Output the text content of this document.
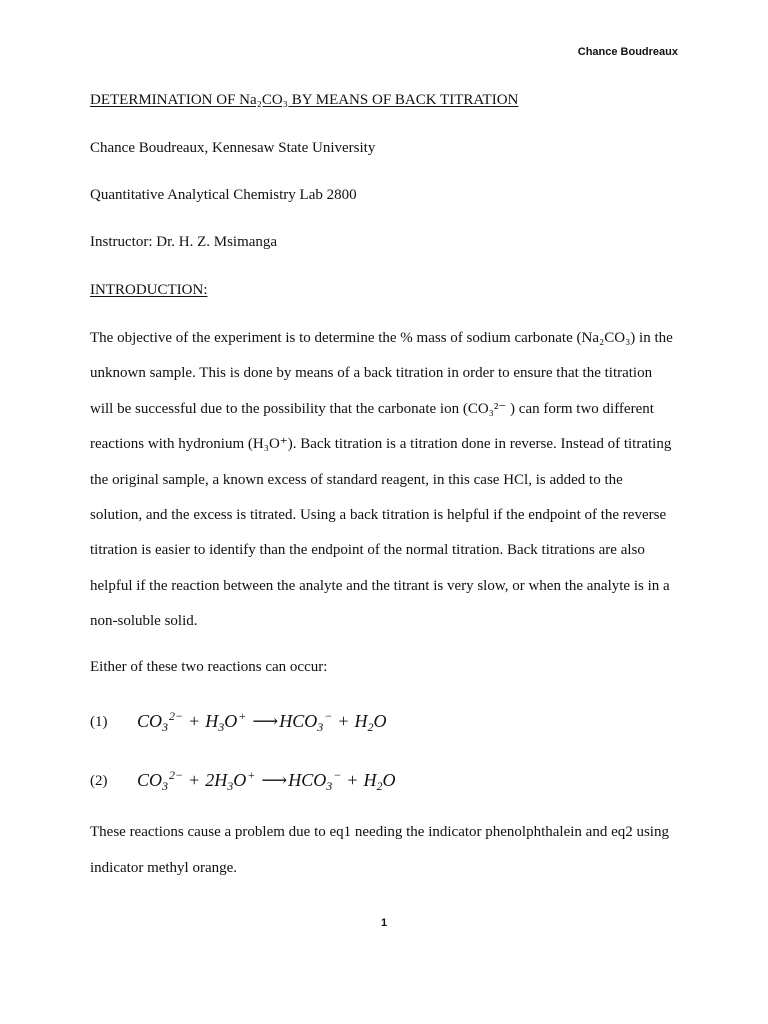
Chance Boudreaux
DETERMINATION OF Na₂CO₃ BY MEANS OF BACK TITRATION
Chance Boudreaux, Kennesaw State University
Quantitative Analytical Chemistry Lab 2800
Instructor: Dr. H. Z. Msimanga
INTRODUCTION:
The objective of the experiment is to determine the % mass of sodium carbonate (Na₂CO₃) in the
unknown sample. This is done by means of a back titration in order to ensure that the titration
will be successful due to the possibility that the carbonate ion (CO₃²⁻ ) can form two different
reactions with hydronium (H₃O⁺). Back titration is a titration done in reverse. Instead of titrating
the original sample, a known excess of standard reagent, in this case HCl, is added to the
solution, and the excess is titrated. Using a back titration is helpful if the endpoint of the reverse
titration is easier to identify than the endpoint of the normal titration. Back titrations are also
helpful if the reaction between the analyte and the titrant is very slow, or when the analyte is in a
non-soluble solid.
Either of these two reactions can occur:
(1) $CO_3^{2-} + H_3O^+$ $⟶HCO_3^- + H_2O$
(2) $CO_3^{2-} + 2H_3O^+$ $⟶HCO_3^- + H_2O$
These reactions cause a problem due to eq1 needing the indicator phenolphthalein and eq2 using
indicator methyl orange.
1
